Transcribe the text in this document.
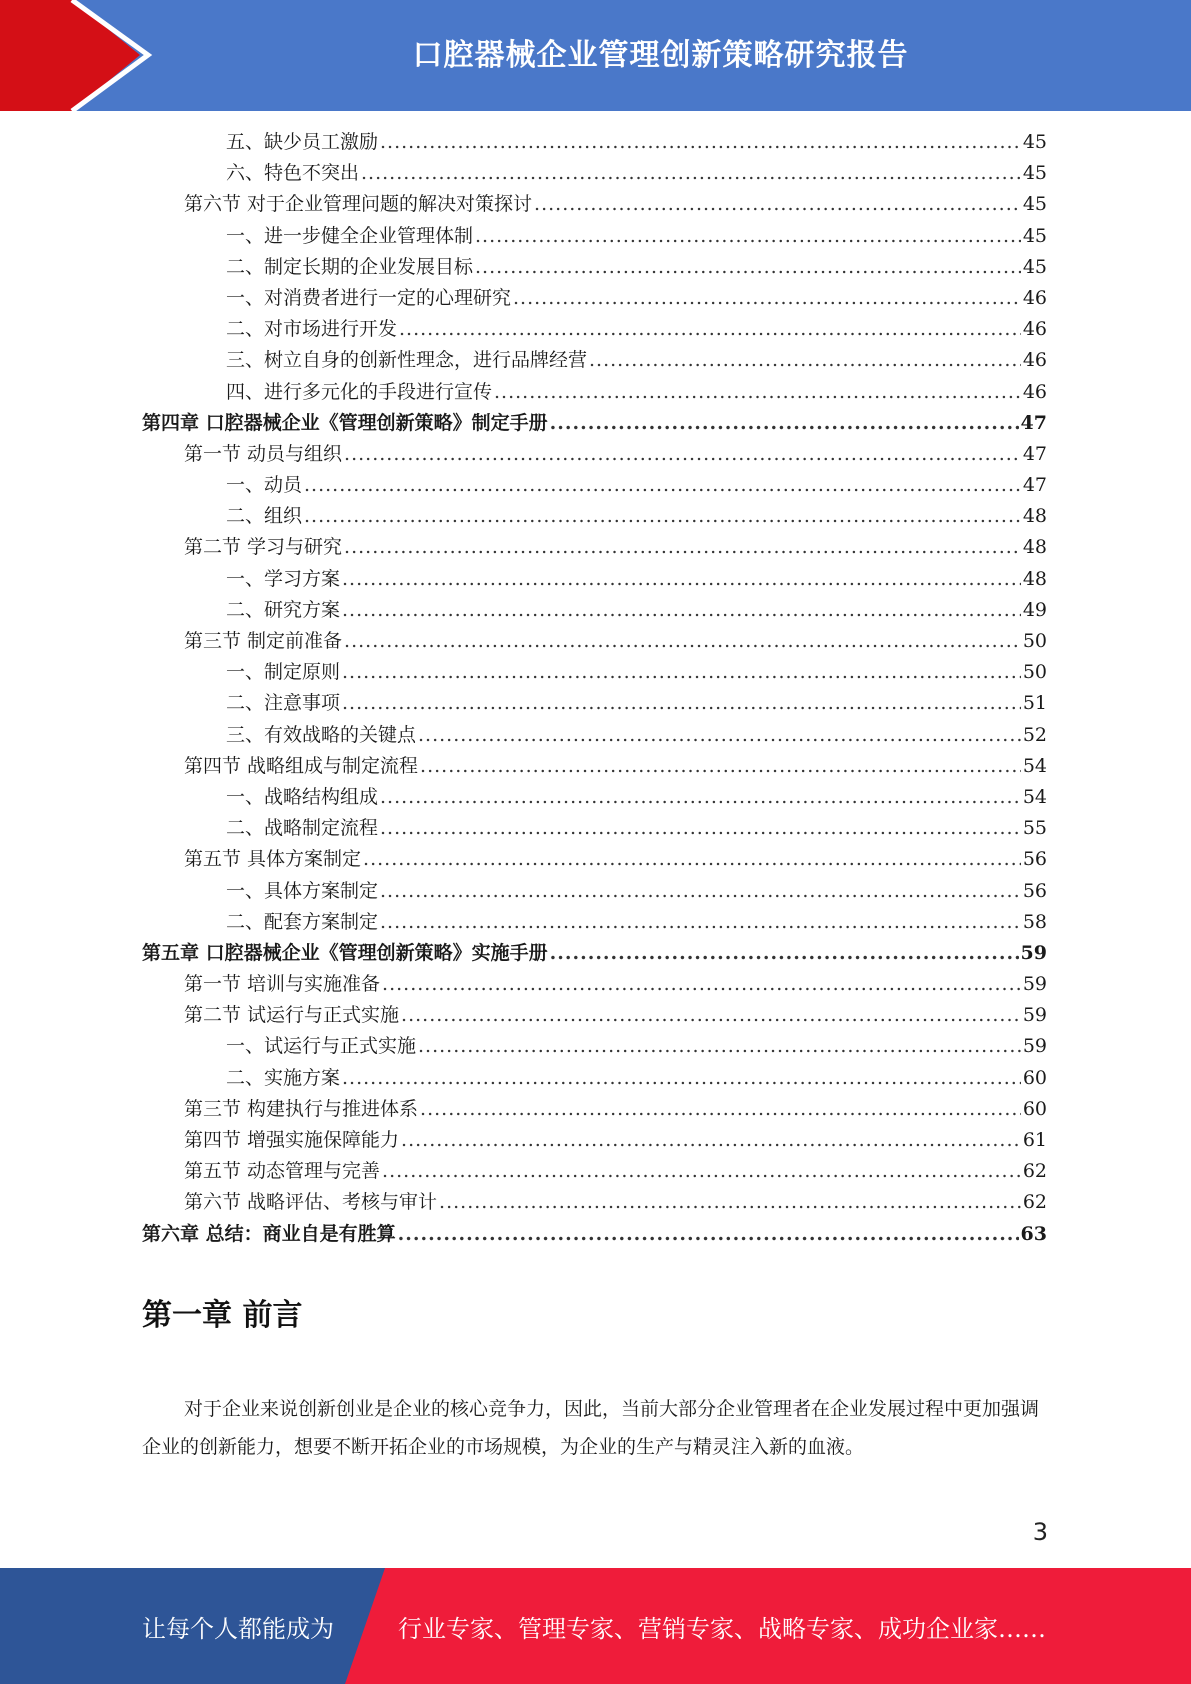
口腔器械企业管理创新策略研究报告
五、缺少员工激励 .....	45
六、特色不突出 .....	45
第六节 对于企业管理问题的解决对策探讨 .....	45
一、进一步健全企业管理体制 .....	45
二、制定长期的企业发展目标 .....	45
一、对消费者进行一定的心理研究 .....	46
二、对市场进行开发 .....	46
三、树立自身的创新性理念，进行品牌经营 .....	46
四、进行多元化的手段进行宣传 .....	46
第四章 口腔器械企业《管理创新策略》制定手册 .....	47
第一节 动员与组织 .....	47
一、动员 .....	47
二、组织 .....	48
第二节 学习与研究 .....	48
一、学习方案 .....	48
二、研究方案 .....	49
第三节 制定前准备 .....	50
一、制定原则 .....	50
二、注意事项 .....	51
三、有效战略的关键点 .....	52
第四节 战略组成与制定流程 .....	54
一、战略结构组成 .....	54
二、战略制定流程 .....	55
第五节 具体方案制定 .....	56
一、具体方案制定 .....	56
二、配套方案制定 .....	58
第五章 口腔器械企业《管理创新策略》实施手册 .....	59
第一节 培训与实施准备 .....	59
第二节 试运行与正式实施 .....	59
一、试运行与正式实施 .....	59
二、实施方案 .....	60
第三节 构建执行与推进体系 .....	60
第四节 增强实施保障能力 .....	61
第五节 动态管理与完善 .....	62
第六节 战略评估、考核与审计 .....	62
第六章 总结：商业自是有胜算 .....	63
第一章 前言
对于企业来说创新创业是企业的核心竞争力，因此，当前大部分企业管理者在企业发展过程中更加强调企业的创新能力，想要不断开拓企业的市场规模，为企业的生产与精灵注入新的血液。
3
让每个人都能成为	行业专家、管理专家、营销专家、战略专家、成功企业家……
